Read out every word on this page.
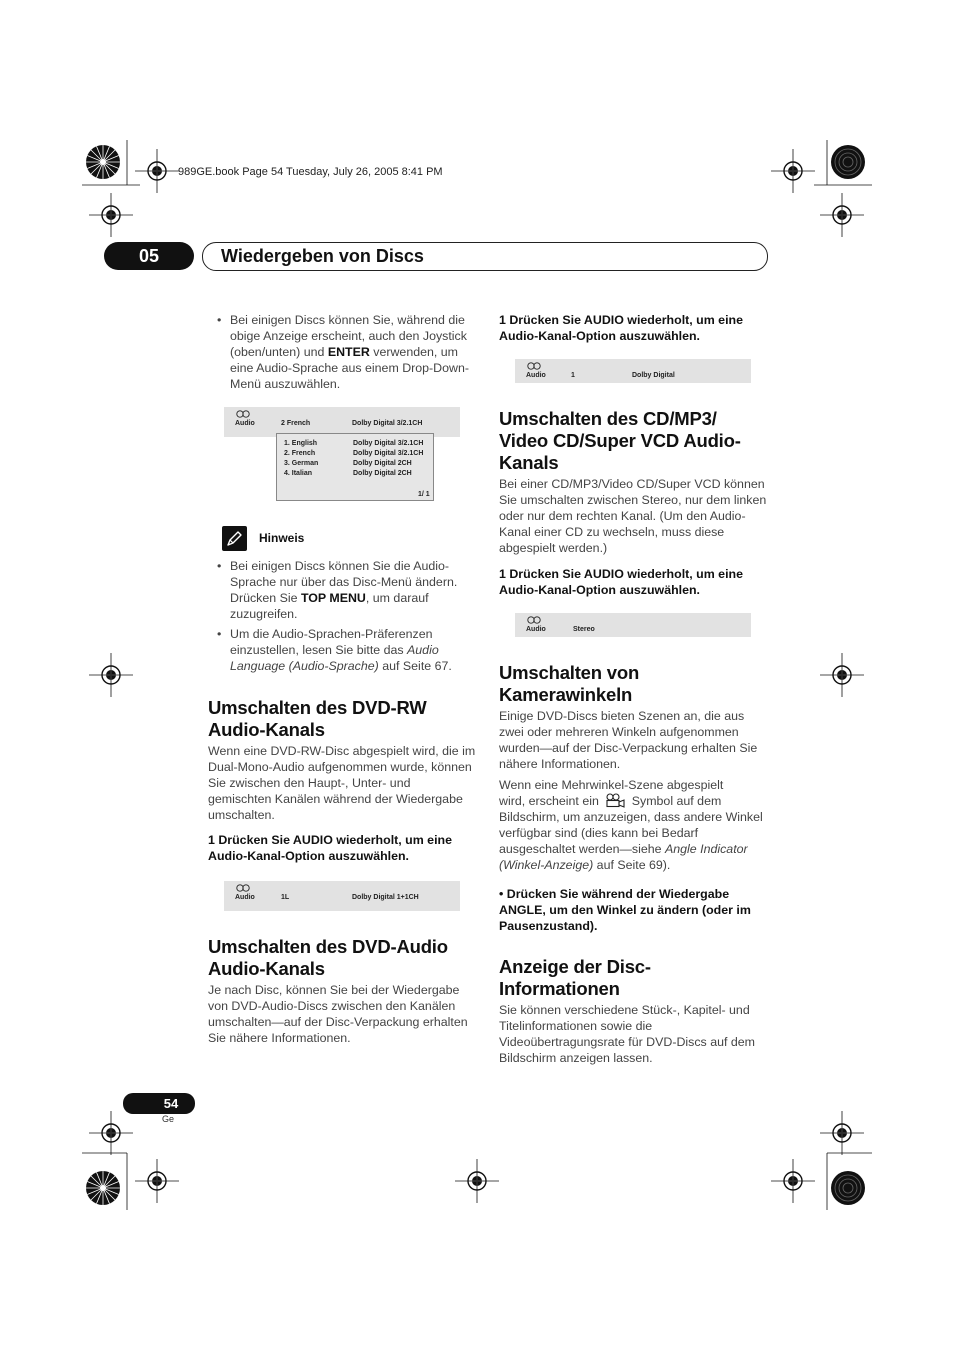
989GE.book Page 54 Tuesday, July 26, 2005 8:41 PM
05	Wiedergeben von Discs
• Bei einigen Discs können Sie, während die obige Anzeige erscheint, auch den Joystick (oben/unten) und ENTER verwenden, um eine Audio-Sprache aus einem Drop-Down-Menü auszuwählen.
Audio	2 French	Dolby Digital 3/2.1CH
1. English	Dolby Digital 3/2.1CH
2. French	Dolby Digital 3/2.1CH
3. German	Dolby Digital 2CH
4. Italian	Dolby Digital 2CH
1/ 1
Hinweis
• Bei einigen Discs können Sie die Audio-Sprache nur über das Disc-Menü ändern. Drücken Sie TOP MENU, um darauf zuzugreifen.
• Um die Audio-Sprachen-Präferenzen einzustellen, lesen Sie bitte das Audio Language (Audio-Sprache) auf Seite 67.
Umschalten des DVD-RW Audio-Kanals

Wenn eine DVD-RW-Disc abgespielt wird, die im Dual-Mono-Audio aufgenommen wurde, können Sie zwischen den Haupt-, Unter- und gemischten Kanälen während der Wiedergabe umschalten.

1 Drücken Sie AUDIO wiederholt, um eine Audio-Kanal-Option auszuwählen.

Audio	1L	Dolby Digital 1+1CH
Umschalten des DVD-Audio Audio-Kanals

Je nach Disc, können Sie bei der Wiedergabe von DVD-Audio-Discs zwischen den Kanälen umschalten—auf der Disc-Verpackung erhalten Sie nähere Informationen.

1 Drücken Sie AUDIO wiederholt, um eine Audio-Kanal-Option auszuwählen.

Audio	1	Dolby Digital
Umschalten des CD/MP3/ Video CD/Super VCD Audio-Kanals

Bei einer CD/MP3/Video CD/Super VCD können Sie umschalten zwischen Stereo, nur dem linken oder nur dem rechten Kanal. (Um den Audio-Kanal einer CD zu wechseln, muss diese abgespielt werden.)

1 Drücken Sie AUDIO wiederholt, um eine Audio-Kanal-Option auszuwählen.

Audio	Stereo
Umschalten von Kamerawinkeln

Einige DVD-Discs bieten Szenen an, die aus zwei oder mehreren Winkeln aufgenommen wurden—auf der Disc-Verpackung erhalten Sie nähere Informationen.

Wenn eine Mehrwinkel-Szene abgespielt
wird, erscheint ein  Symbol auf dem Bildschirm, um anzuzeigen, dass andere Winkel verfügbar sind (dies kann bei Bedarf ausgeschaltet werden—siehe Angle Indicator (Winkel-Anzeige) auf Seite 69).

• Drücken Sie während der Wiedergabe ANGLE, um den Winkel zu ändern (oder im Pausenzustand).

Anzeige der Disc-Informationen

Sie können verschiedene Stück-, Kapitel- und Titelinformationen sowie die Videoübertragungsrate für DVD-Discs auf dem Bildschirm anzeigen lassen.

54
Ge
